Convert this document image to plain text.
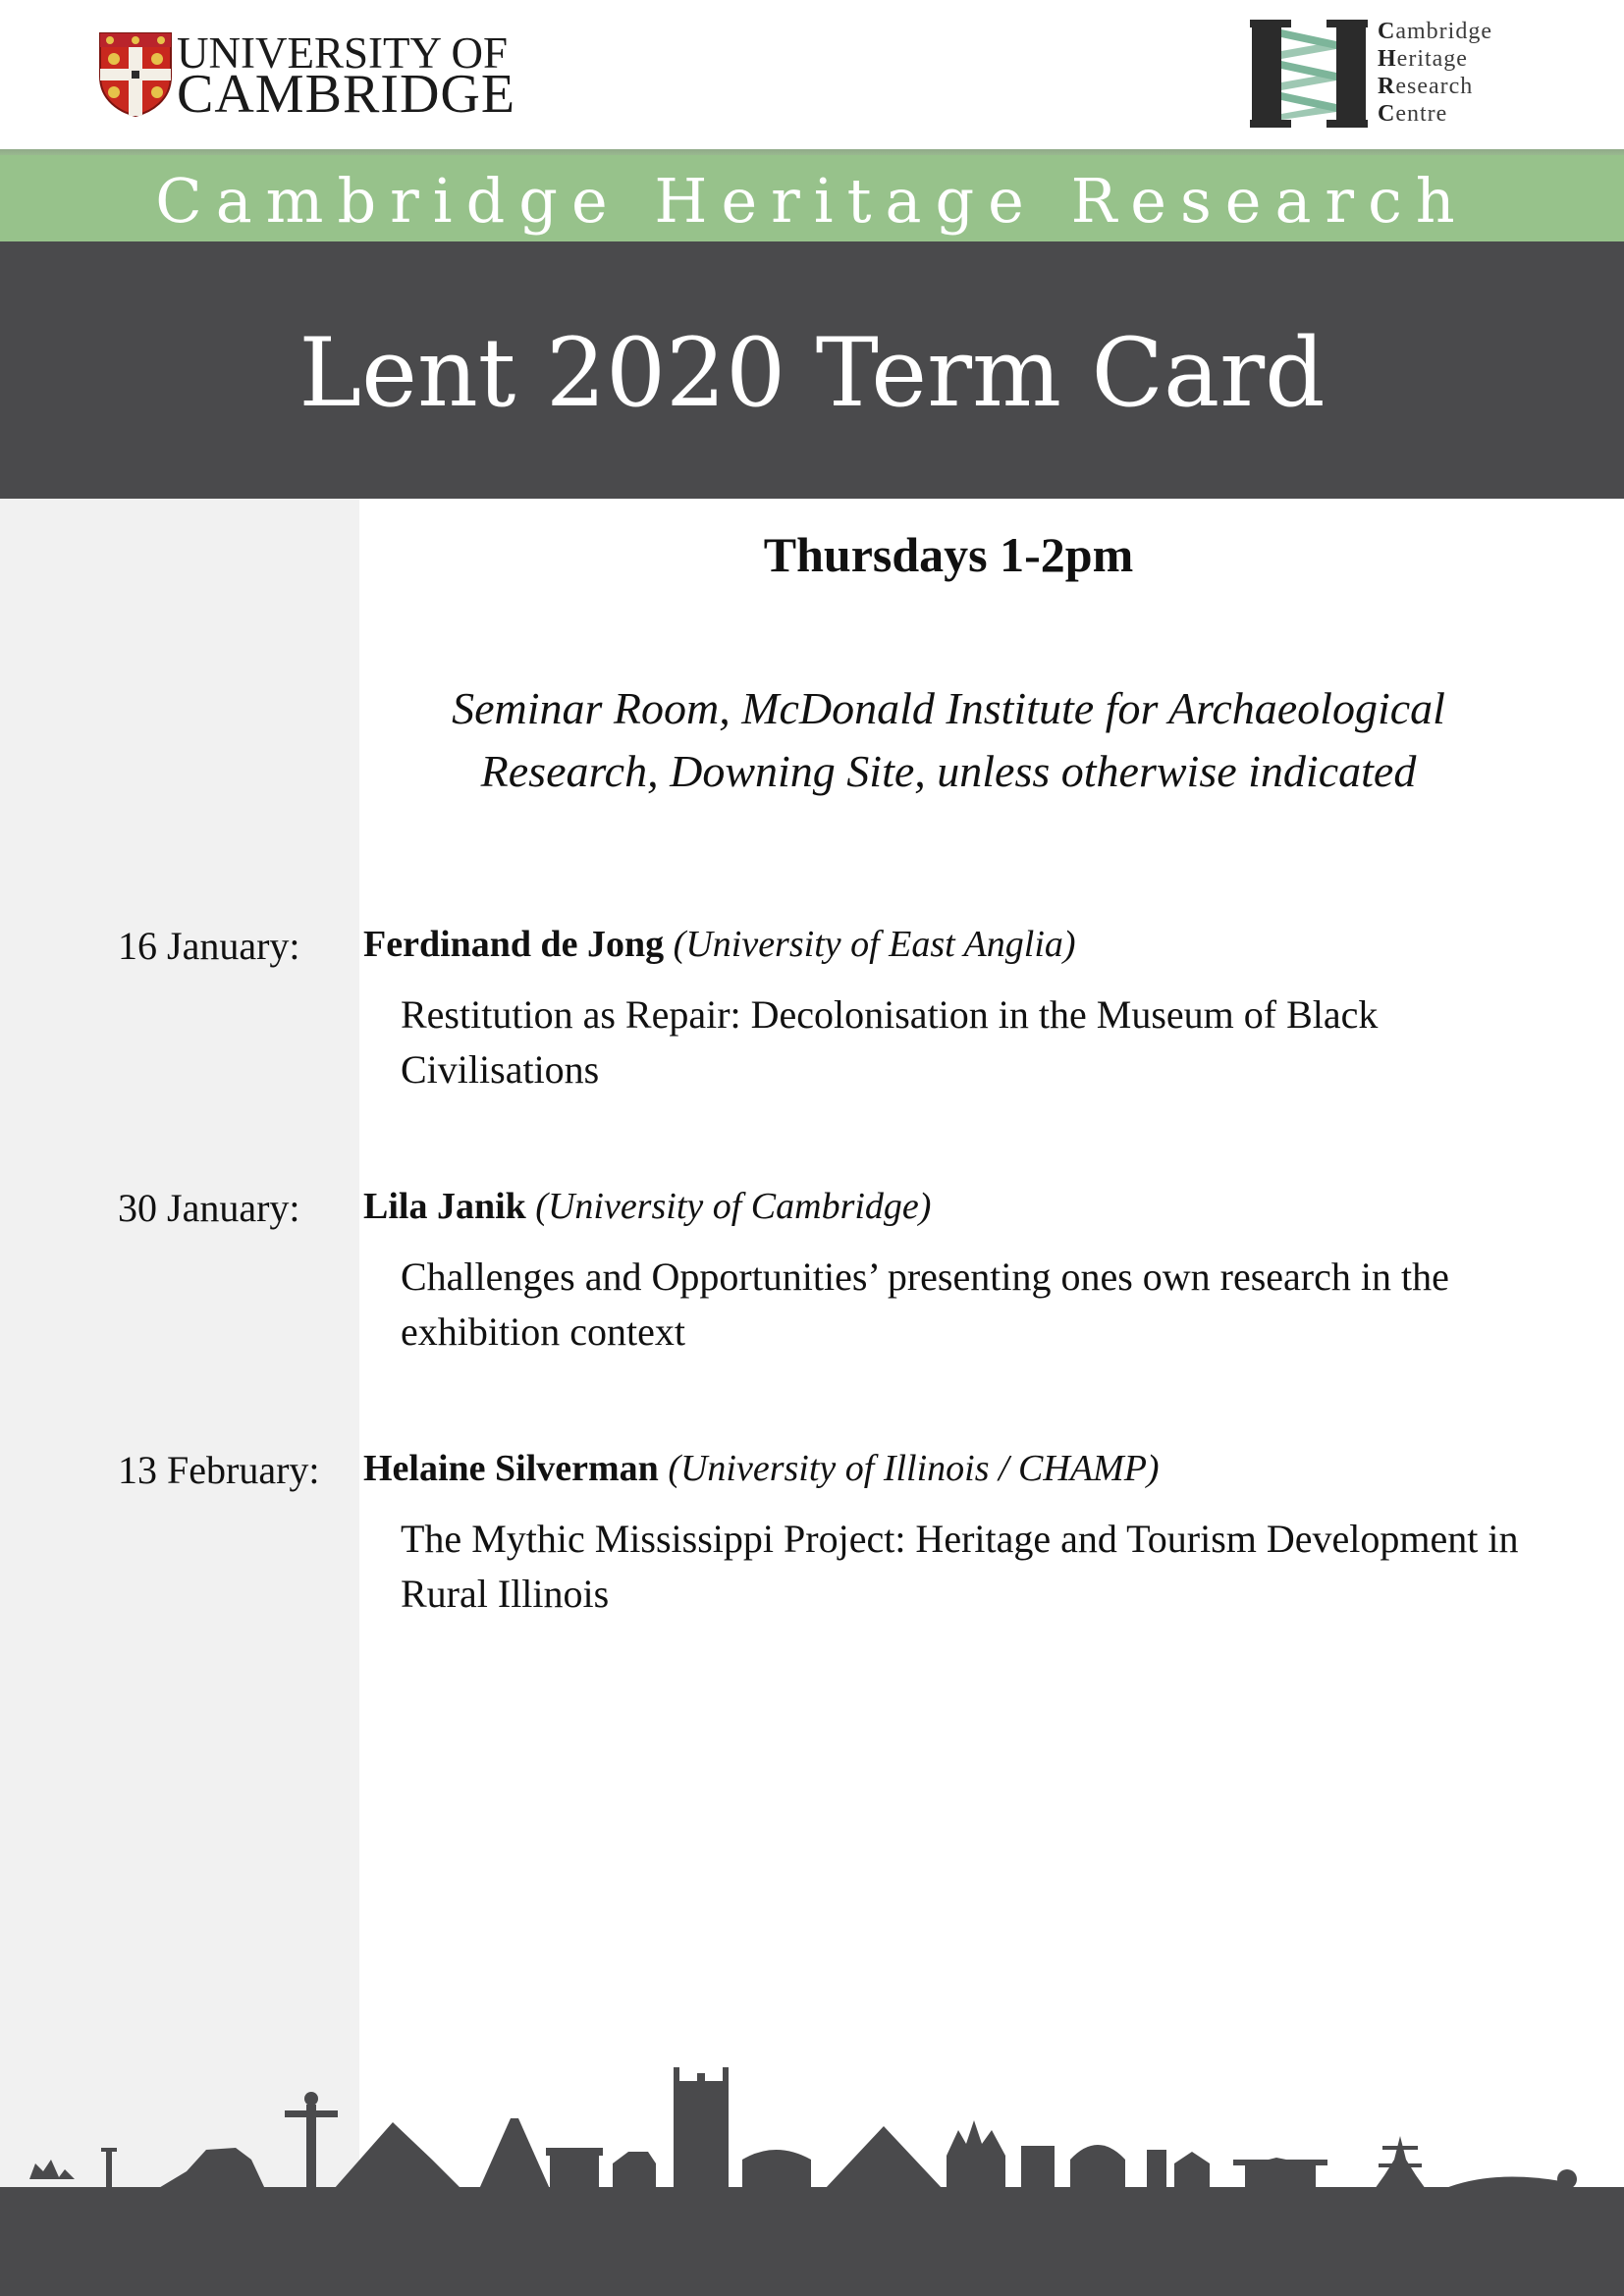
UNIVERSITY OF
CAMBRIDGE
Cambridge
Heritage
Research
Centre
Cambridge Heritage Research
Lent 2020 Term Card
Thursdays 1-2pm
Seminar Room, McDonald Institute for Archaeological Research, Downing Site, unless otherwise indicated
16 January: Ferdinand de Jong (University of East Anglia)
Restitution as Repair: Decolonisation in the Museum of Black Civilisations
30 January: Lila Janik (University of Cambridge)
Challenges and Opportunities’ presenting ones own research in the exhibition context
13 February: Helaine Silverman (University of Illinois / CHAMP)
The Mythic Mississippi Project: Heritage and Tourism Development in Rural Illinois
